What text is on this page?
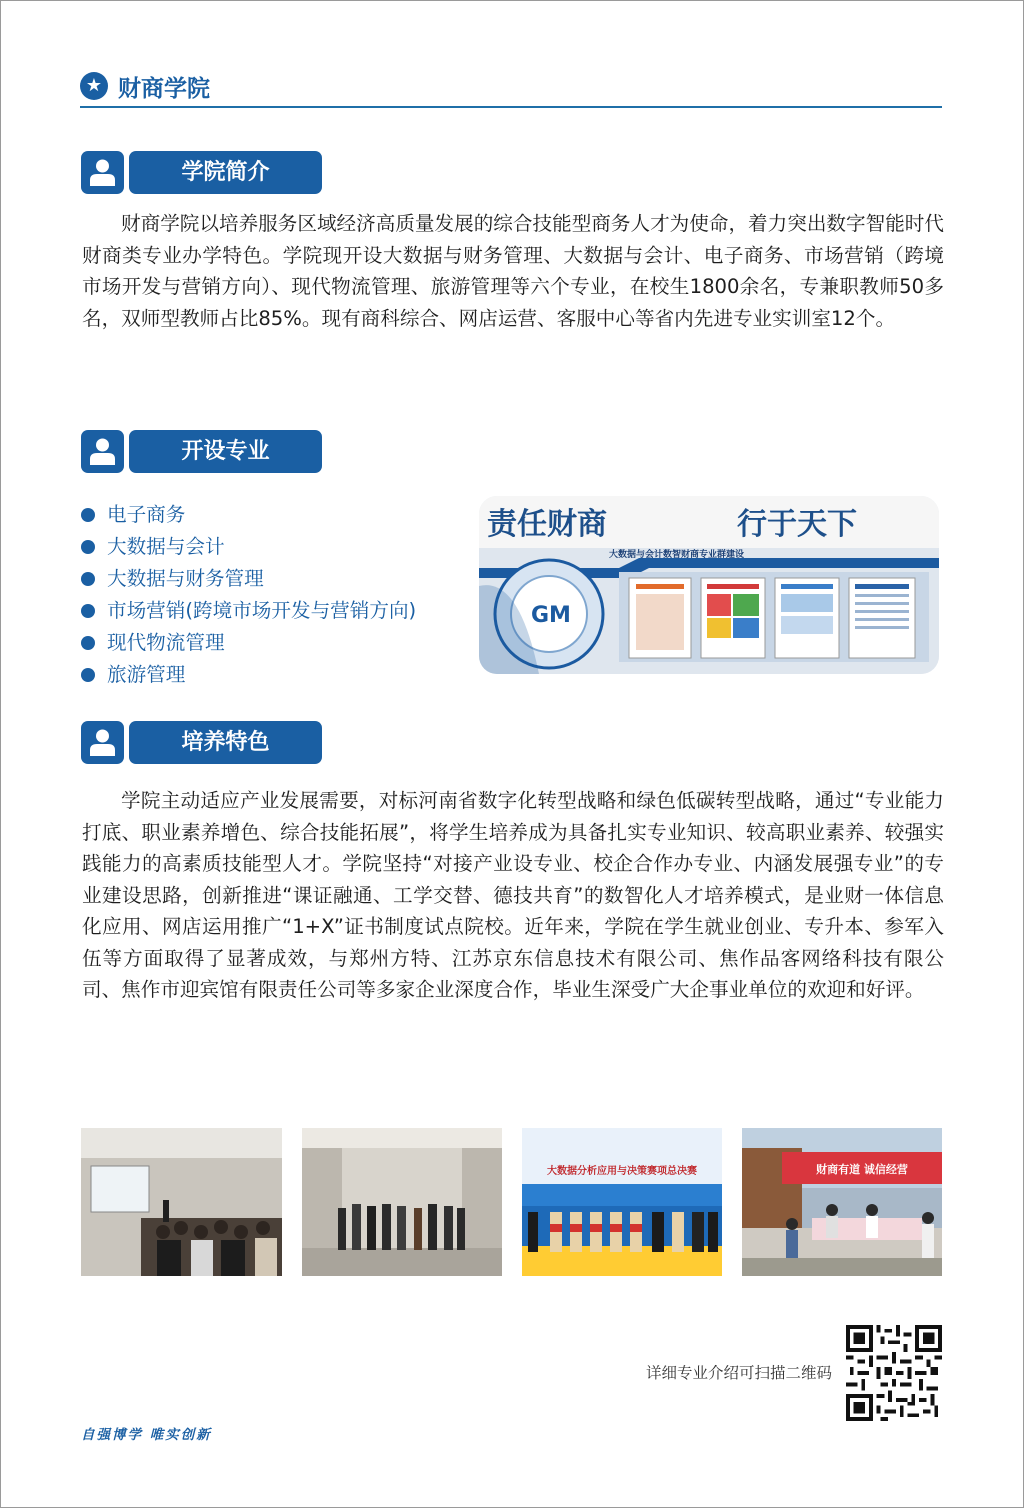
★ 财商学院
学院简介

财商学院以培养服务区域经济高质量发展的综合技能型商务人才为使命，着力突出数字智能时代财商类专业办学特色。学院现开设大数据与财务管理、大数据与会计、电子商务、市场营销（跨境市场开发与营销方向）、现代物流管理、旅游管理等六个专业，在校生1800余名，专兼职教师50多名，双师型教师占比85%。现有商科综合、网店运营、客服中心等省内先进专业实训室12个。

开设专业
电子商务
大数据与会计
大数据与财务管理
市场营销(跨境市场开发与营销方向)
现代物流管理
旅游管理
责任财商	行于天下
大数据与会计数智财商专业群建设
GM
培养特色

学院主动适应产业发展需要，对标河南省数字化转型战略和绿色低碳转型战略，通过“专业能力打底、职业素养增色、综合技能拓展”，将学生培养成为具备扎实专业知识、较高职业素养、较强实践能力的高素质技能型人才。学院坚持“对接产业设专业、校企合作办专业、内涵发展强专业”的专业建设思路，创新推进“课证融通、工学交替、德技共育”的数智化人才培养模式，是业财一体信息化应用、网店运用推广“1+X”证书制度试点院校。近年来，学院在学生就业创业、专升本、参军入伍等方面取得了显著成效，与郑州方特、江苏京东信息技术有限公司、焦作品客网络科技有限公司、焦作市迎宾馆有限责任公司等多家企业深度合作，毕业生深受广大企事业单位的欢迎和好评。

大数据分析应用与决策赛项总决赛	财商有道 诚信经营
详细专业介绍可扫描二维码
自强博学 唯实创新
